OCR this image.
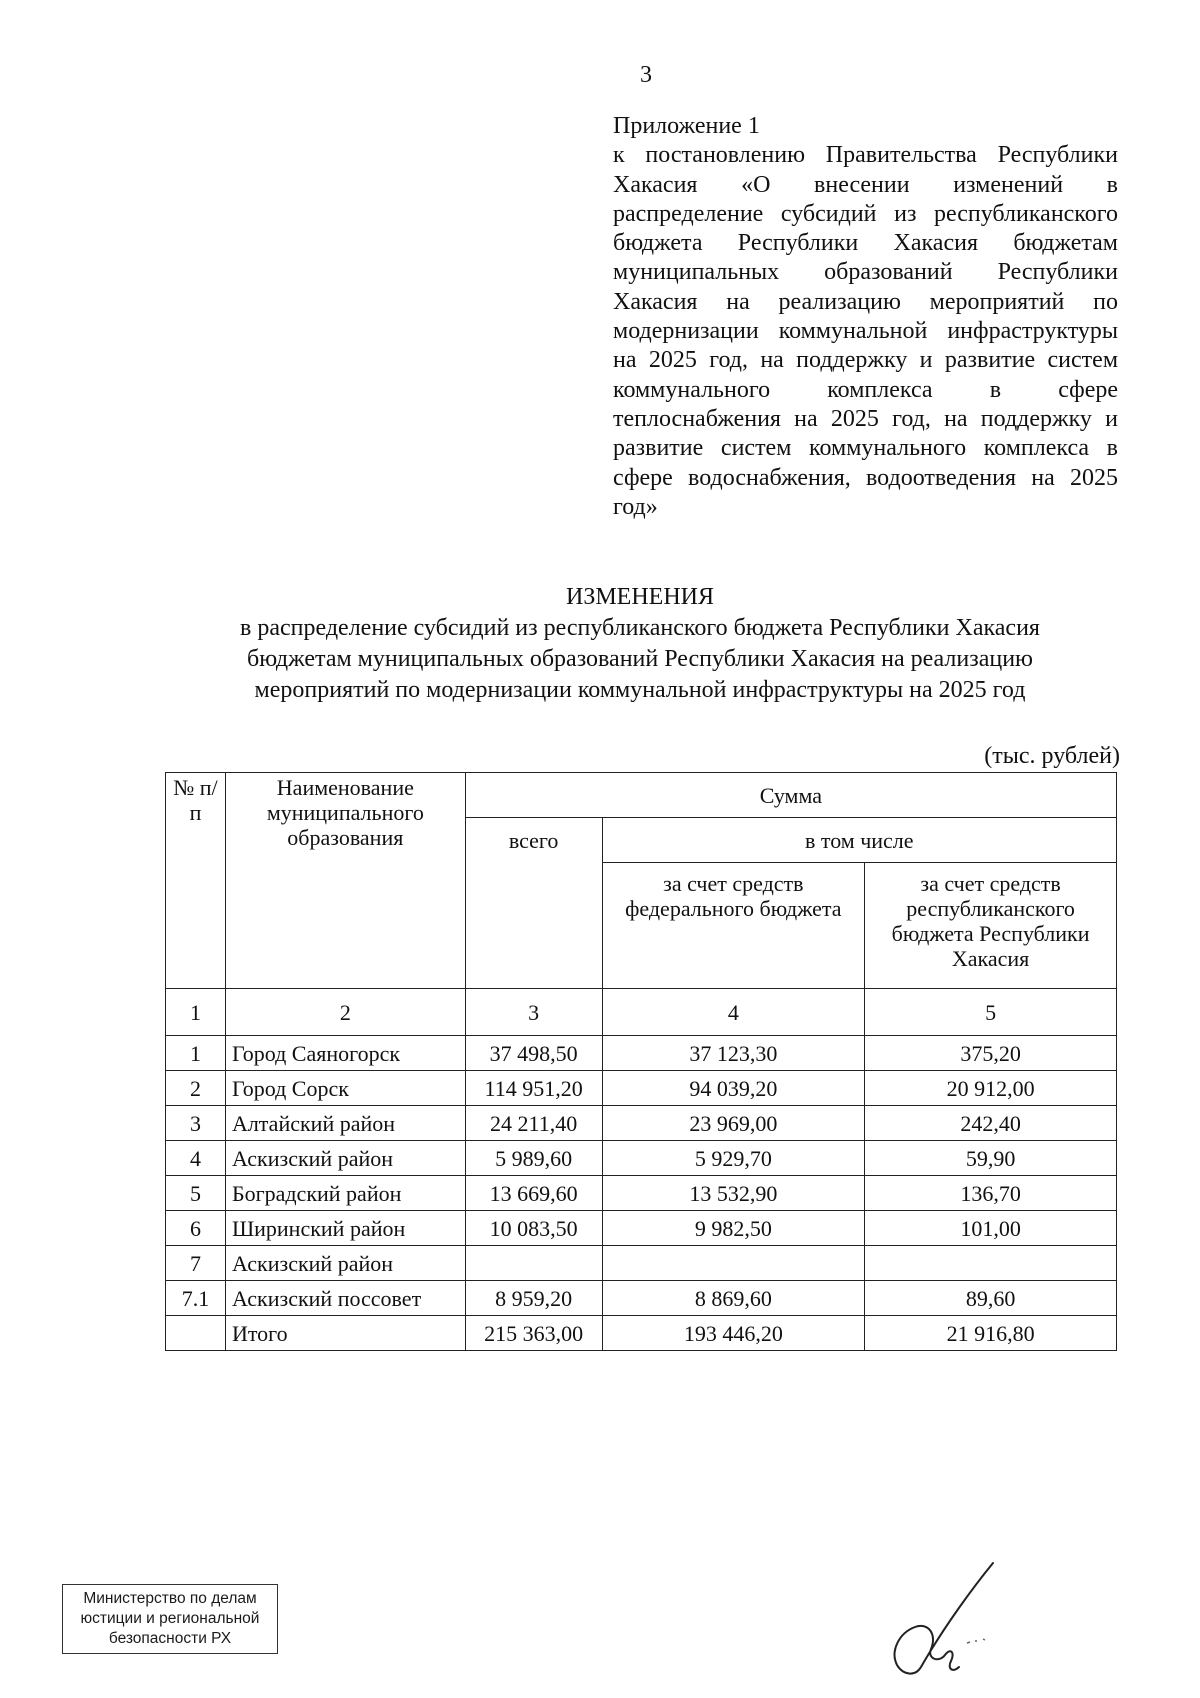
3
Приложение 1
к постановлению Правительства Республики Хакасия «О внесении изменений в распределение субсидий из республиканского бюджета Республики Хакасия бюджетам муниципальных образований Республики Хакасия на реализацию мероприятий по модернизации коммунальной инфраструктуры на 2025 год, на поддержку и развитие систем коммунального комплекса в сфере теплоснабжения на 2025 год, на поддержку и развитие систем коммунального комплекса в сфере водоснабжения, водоотведения на 2025 год»
ИЗМЕНЕНИЯ
в распределение субсидий из республиканского бюджета Республики Хакасия
бюджетам муниципальных образований Республики Хакасия на реализацию
мероприятий по модернизации коммунальной инфраструктуры на 2025 год
(тыс. рублей)
№ п/п	Наименование муниципального образования	Сумма		
		всего	в том числе	
			за счет средств федерального бюджета	за счет средств республиканского бюджета Республики Хакасия
1	2	3	4	5
1	Город Саяногорск	37 498,50	37 123,30	375,20
2	Город Сорск	114 951,20	94 039,20	20 912,00
3	Алтайский район	24 211,40	23 969,00	242,40
4	Аскизский район	5 989,60	5 929,70	59,90
5	Боградский район	13 669,60	13 532,90	136,70
6	Ширинский район	10 083,50	9 982,50	101,00
7	Аскизский район			
7.1	Аскизский поссовет	8 959,20	8 869,60	89,60
	Итого	215 363,00	193 446,20	21 916,80
Министерство по делам
юстиции и региональной
безопасности РХ
